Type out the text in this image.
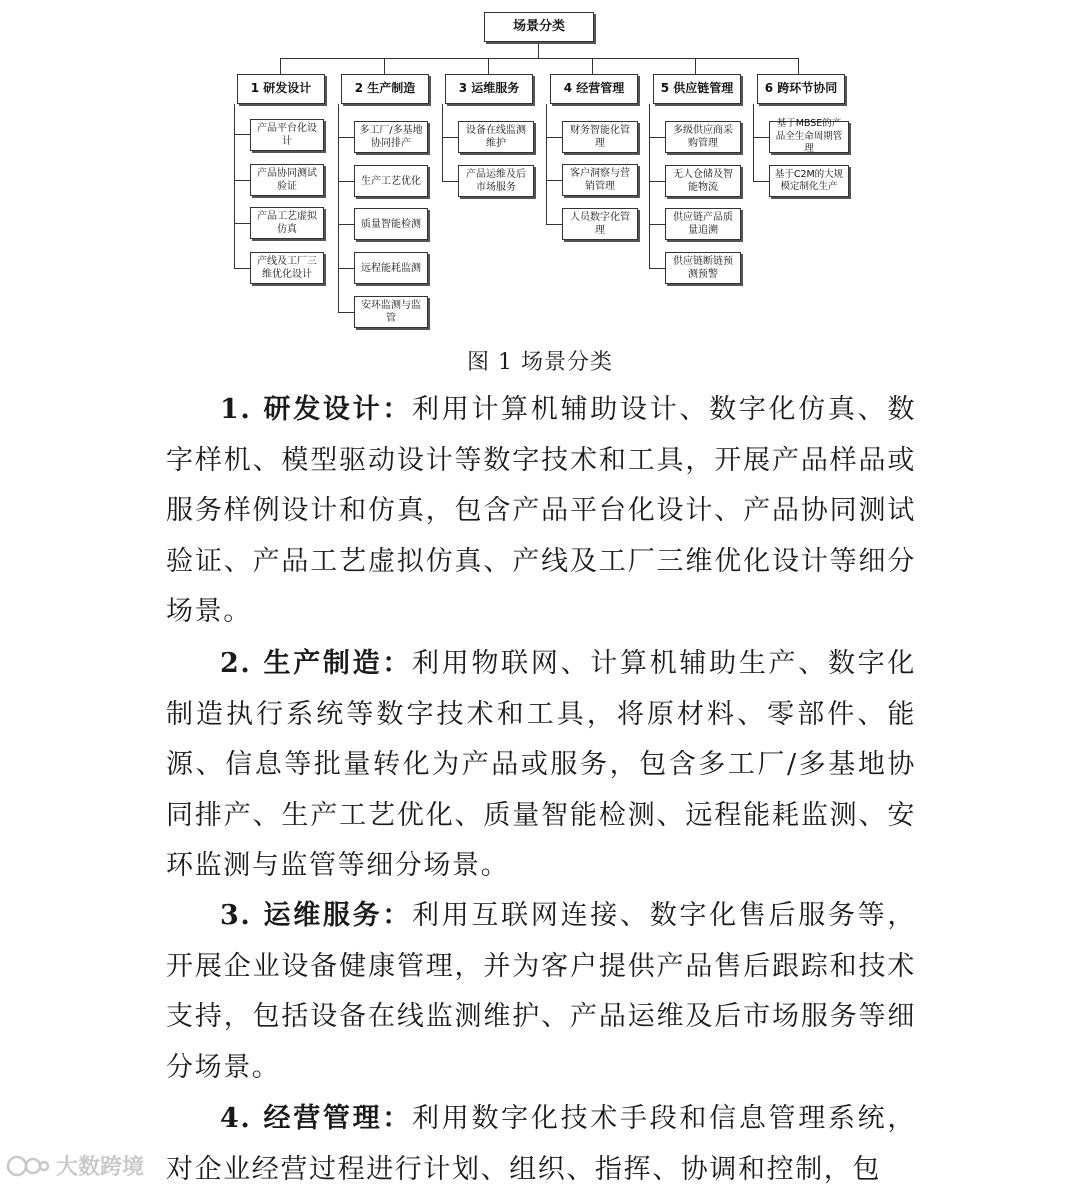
场景分类
1 研发设计	2 生产制造	3 运维服务	4 经营管理	5 供应链管理	6 跨环节协同
产品平台化设计
产品协同测试验证
产品工艺虚拟仿真
产线及工厂三维优化设计
多工厂/多基地协同排产
生产工艺优化
质量智能检测
远程能耗监测
安环监测与监管
设备在线监测维护
产品运维及后市场服务
财务智能化管理
客户洞察与营销管理
人员数字化管理
多级供应商采购管理
无人仓储及智能物流
供应链产品质量追溯
供应链断链预测预警
基于MBSE的产品全生命周期管理
基于C2M的大规模定制化生产
图 1 场景分类

1. 研发设计：利用计算机辅助设计、数字化仿真、数字样机、模型驱动设计等数字技术和工具，开展产品样品或服务样例设计和仿真，包含产品平台化设计、产品协同测试验证、产品工艺虚拟仿真、产线及工厂三维优化设计等细分场景。

2. 生产制造：利用物联网、计算机辅助生产、数字化制造执行系统等数字技术和工具，将原材料、零部件、能源、信息等批量转化为产品或服务，包含多工厂/多基地协同排产、生产工艺优化、质量智能检测、远程能耗监测、安环监测与监管等细分场景。

3. 运维服务：利用互联网连接、数字化售后服务等，开展企业设备健康管理，并为客户提供产品售后跟踪和技术支持，包括设备在线监测维护、产品运维及后市场服务等细分场景。

4. 经营管理：利用数字化技术手段和信息管理系统，对企业经营过程进行计划、组织、指挥、协调和控制，包

大数跨境
